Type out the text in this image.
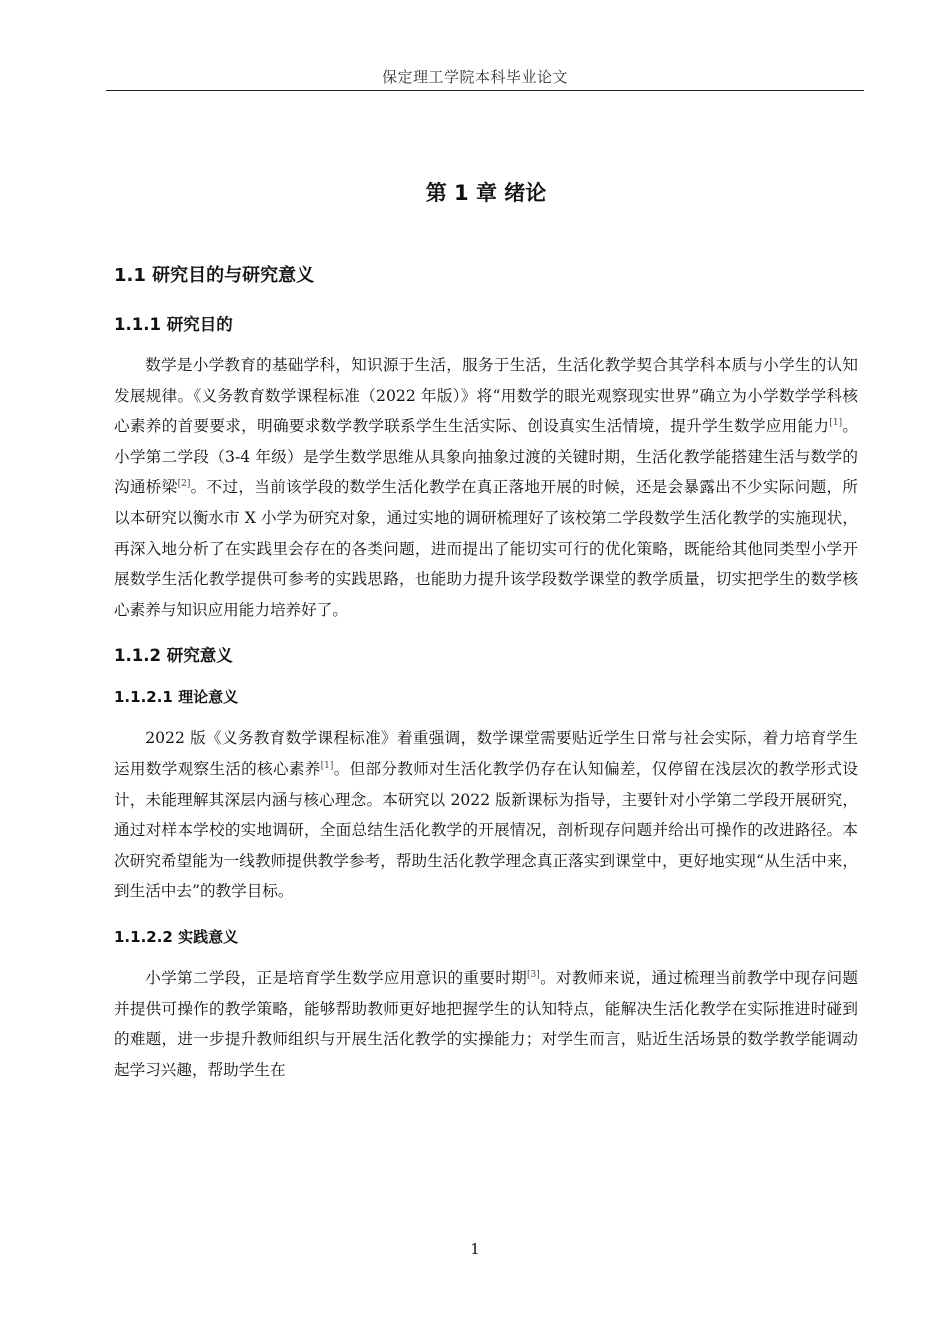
保定理工学院本科毕业论文
第 1 章 绪论
1.1 研究目的与研究意义
1.1.1 研究目的

数学是小学教育的基础学科，知识源于生活，服务于生活，生活化教学契合其学科本质与小学生的认知发展规律。《义务教育数学课程标准（2022 年版）》将“用数学的眼光观察现实世界”确立为小学数学学科核心素养的首要要求，明确要求数学教学联系学生生活实际、创设真实生活情境，提升学生数学应用能力[1]。小学第二学段（3-4 年级）是学生数学思维从具象向抽象过渡的关键时期，生活化教学能搭建生活与数学的沟通桥梁[2]。不过，当前该学段的数学生活化教学在真正落地开展的时候，还是会暴露出不少实际问题，所以本研究以衡水市 X 小学为研究对象，通过实地的调研梳理好了该校第二学段数学生活化教学的实施现状，再深入地分析了在实践里会存在的各类问题，进而提出了能切实可行的优化策略，既能给其他同类型小学开展数学生活化教学提供可参考的实践思路，也能助力提升该学段数学课堂的教学质量，切实把学生的数学核心素养与知识应用能力培养好了。

1.1.2 研究意义
1.1.2.1 理论意义

2022 版《义务教育数学课程标准》着重强调，数学课堂需要贴近学生日常与社会实际，着力培育学生运用数学观察生活的核心素养[1]。但部分教师对生活化教学仍存在认知偏差，仅停留在浅层次的教学形式设计，未能理解其深层内涵与核心理念。本研究以 2022 版新课标为指导，主要针对小学第二学段开展研究，通过对样本学校的实地调研，全面总结生活化教学的开展情况，剖析现存问题并给出可操作的改进路径。本次研究希望能为一线教师提供教学参考，帮助生活化教学理念真正落实到课堂中，更好地实现“从生活中来，到生活中去”的教学目标。

1.1.2.2 实践意义

小学第二学段，正是培育学生数学应用意识的重要时期[3]。对教师来说，通过梳理当前教学中现存问题并提供可操作的教学策略，能够帮助教师更好地把握学生的认知特点，能解决生活化教学在实际推进时碰到的难题，进一步提升教师组织与开展生活化教学的实操能力；对学生而言，贴近生活场景的数学教学能调动起学习兴趣，帮助学生在

1
